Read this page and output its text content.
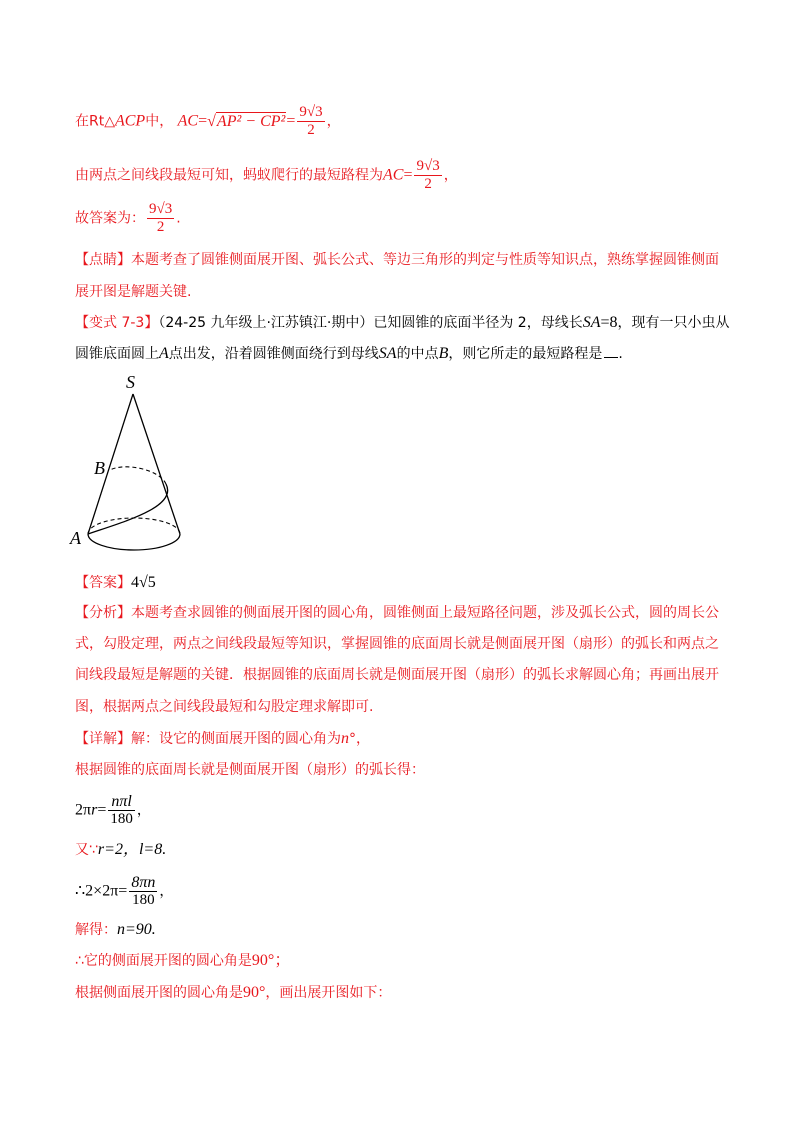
在Rt△ACP中， $AC=√AP^2 - CP^2= \frac{9√3}{2}$ ，
由两点之间线段最短可知，蚂蚁爬行的最短路程为$AC= \frac{9√3}{2}$ ，
故答案为： $\frac{9√3}{2}$ .
【点睛】本题考查了圆锥侧面展开图、弧长公式、等边三角形的判定与性质等知识点，熟练掌握圆锥侧面
展开图是解题关键.
【变式 7-3】（24-25 九年级上·江苏镇江·期中）已知圆锥的底面半径为 2，母线长SA=8，现有一只小虫从
圆锥底面圆上A点出发，沿着圆锥侧面绕行到母线SA的中点B，则它所走的最短路程是 .
S
B
A
【答案】4√5
【分析】本题考查求圆锥的侧面展开图的圆心角，圆锥侧面上最短路径问题，涉及弧长公式，圆的周长公
式，勾股定理，两点之间线段最短等知识，掌握圆锥的底面周长就是侧面展开图（扇形）的弧长和两点之
间线段最短是解题的关键．根据圆锥的底面周长就是侧面展开图（扇形）的弧长求解圆心角；再画出展开
图，根据两点之间线段最短和勾股定理求解即可.
【详解】解：设它的侧面展开图的圆心角为n°，
根据圆锥的底面周长就是侧面展开图（扇形）的弧长得：
$2\pi r= \frac{\text{nπl}}{180}$ ，
又∵r=2，l=8.
∴2×2π= $\frac{8\pi n}{180}$ ，
解得：n=90.
∴它的侧面展开图的圆心角是90°；
根据侧面展开图的圆心角是90°，画出展开图如下：
